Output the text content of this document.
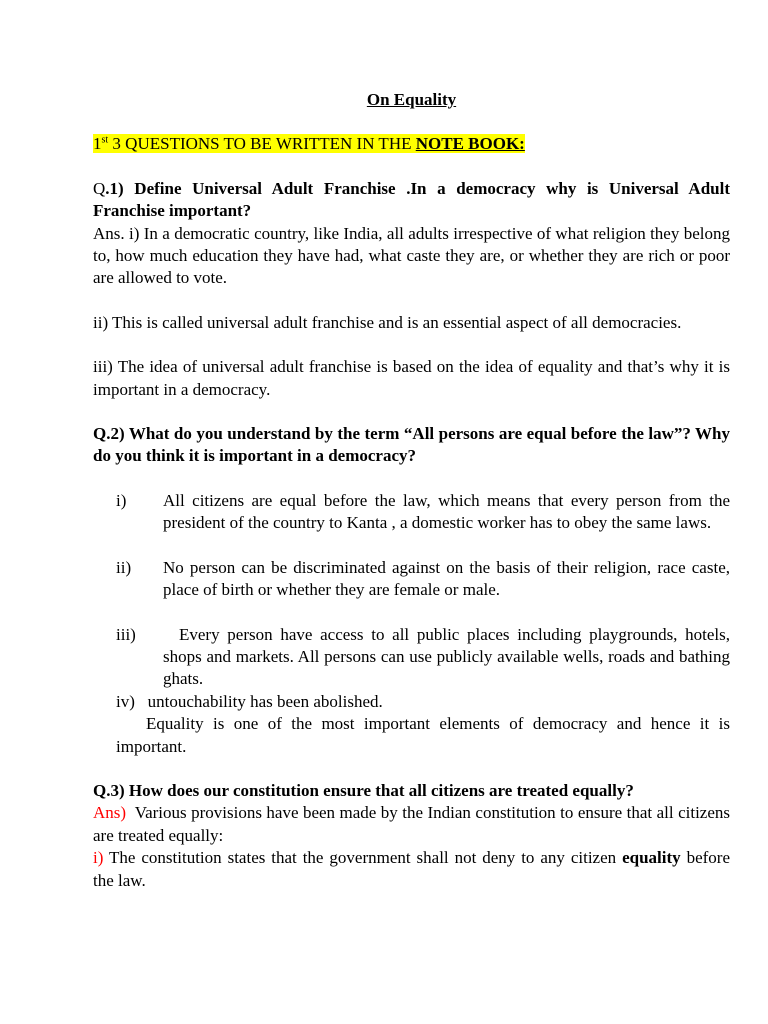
On Equality

1st 3 QUESTIONS TO BE WRITTEN IN THE NOTE BOOK:

Q.1) Define Universal Adult Franchise .In a democracy why is Universal Adult Franchise important?

Ans. i) In a democratic country, like India, all adults irrespective of what religion they belong to, how much education they have had, what caste they are, or whether they are rich or poor are allowed to vote.

ii) This is called universal adult franchise and is an essential aspect of all democracies.

iii) The idea of universal adult franchise is based on the idea of equality and that’s why it is important in a democracy.

Q.2) What do you understand by the term “All persons are equal before the law”? Why do you think it is important in a democracy?

i)	All citizens are equal before the law, which means that every person from the president of the country to Kanta , a domestic worker has to obey the same laws.
ii)	No person can be discriminated against on the basis of their religion, race caste, place of birth or whether they are female or male.
iii)	Every person have access to all public places including playgrounds, hotels, shops and markets. All persons can use publicly available wells, roads and bathing ghats.

iv)   untouchability has been abolished.

Equality is one of the most important elements of democracy and hence it is important.

Q.3) How does our constitution ensure that all citizens are treated equally?

Ans)  Various provisions have been made by the Indian constitution to ensure that all citizens are treated equally:

i) The constitution states that the government shall not deny to any citizen equality before the law.
